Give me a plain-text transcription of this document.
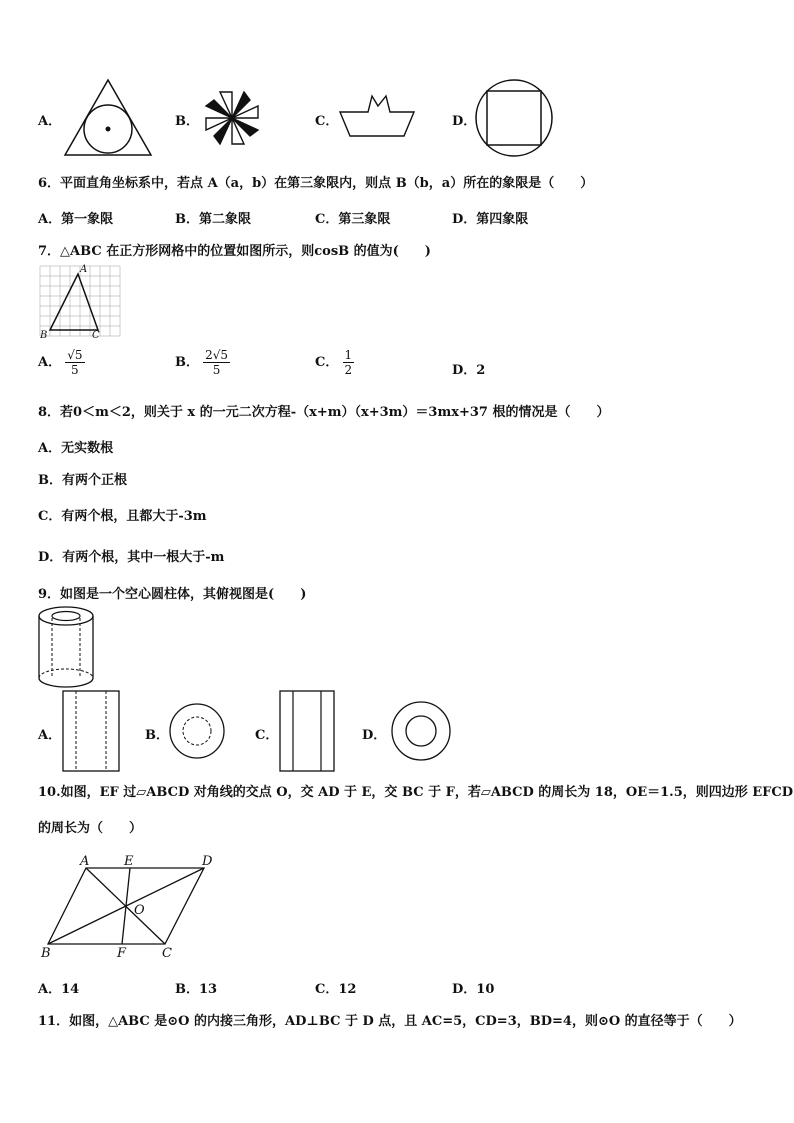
A．	B．	C．	D．
6．平面直角坐标系中，若点 A（a，b）在第三象限内，则点 B（b，a）所在的象限是（　　）
A．第一象限	B．第二象限	C．第三象限	D．第四象限
7．△ABC 在正方形网格中的位置如图所示，则cosB 的值为(　　)
A
B	C
A． $\frac{√5}{5}$	B． $\frac{2√5}{5}$	C． $\frac{1}{2}$	D．2
8．若0＜m＜2，则关于 x 的一元二次方程-（x+m）（x+3m）＝3mx+37 根的情况是（　　）
A．无实数根
B．有两个正根
C．有两个根，且都大于-3m
D．有两个根，其中一根大于-m
9．如图是一个空心圆柱体，其俯视图是(　　)
A．	B．	C．	D．
10.如图，EF 过▱ABCD 对角线的交点 O，交 AD 于 E，交 BC 于 F，若▱ABCD 的周长为 18，OE＝1.5，则四边形 EFCD
的周长为（　　）
A	E	D
O
B	F	C
A．14	B．13	C．12	D．10
11．如图，△ABC 是⊙O 的内接三角形，AD⊥BC 于 D 点，且 AC=5，CD=3，BD=4，则⊙O 的直径等于（　　）
